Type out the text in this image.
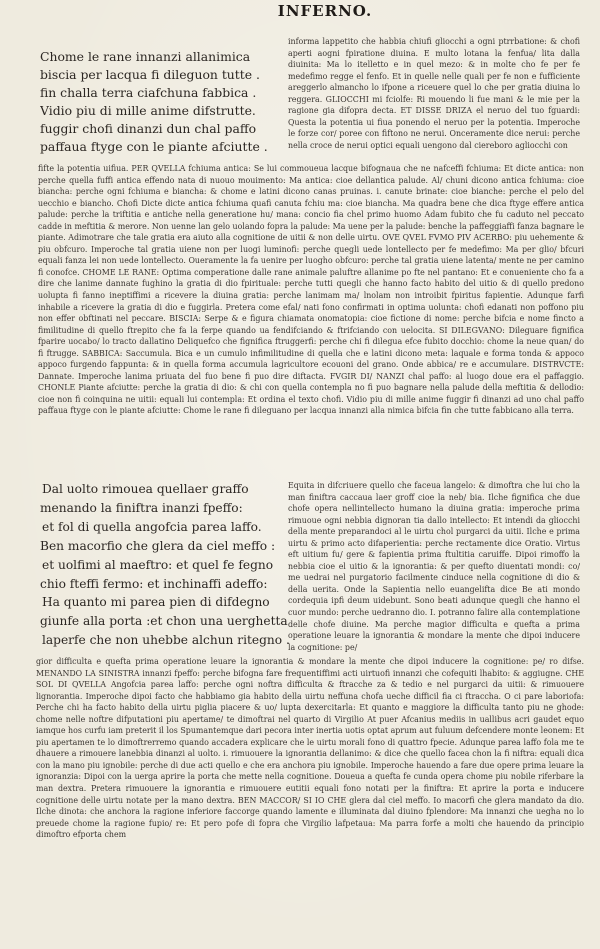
INFERNO.
Chome le rane innanzi allanimica
biscia per lacqua fi dileguon tutte .
fin challa terra ciafchuna fabbica .
Vidio piu di mille anime difstrutte.
fuggir chofi dinanzi dun chal paffo
paffaua ftyge con le piante afciutte .

informa lappetito che habbia chiufi gliocchi a ogni ptrrbatione: & chofi aperti aogni fpiratione diuina. E multo lotana la fenfua/ lita dalla diuinita: Ma lo itelletto e in quel mezo: & in molte cho fe per fe medefimo regge el fenfo. Et in quelle nelle quali per fe non e fufficiente areggerlo almancho lo ifpone a riceuere quel lo che per gratia diuina lo reggera. GLIOCCHI mi fciolfe: Ri mouendo li fue mani & le mie per la ragione gia difopra decta. ET DISSE DRIZA el neruo del tuo fguardi: Questa la potentia ui fiua ponendo el neruo per la potentia. Imperoche le forze cor/ poree con fiftono ne nerui. Onceramente dice nerui: perche nella croce de nerui optici equali uengono dal ciereboro agliocchi con

fifte la potentia uifiua. PER QVELLA fchiuma antica: Se lui commoueua lacque bifognaua che ne nafceffi fchiuma: Et dicte antica: non perche quella fuffi antica effendo nata di nuouo mouimento: Ma antica: cioe dellantica palude. Al/ chuni dicono antica fchiuma: cioe biancha: perche ogni fchiuma e biancha: & chome e latini dicono canas pruinas. i. canute brinate: cioe bianche: perche el pelo del uecchio e biancho. Chofi Dicte dicte antica fchiuma quafi canuta fchiu ma: cioe biancha. Ma quadra bene che dica ftyge effere antica palude: perche la triftitia e antiche nella generatione hu/ mana: concio fia chel primo huomo Adam fubito che fu caduto nel peccato cadde in meftitia & merore. Non uenne lan gelo uolando fopra la palude: Ma uene per la palude: benche la paffeggiaffi fanza bagnare le piante. Adimotrare che tale gratia era aiuto alla cognitione de uitii & non delle uirtu. OVE QVEL FVMO PIV ACERBO: piu uehemente & piu obfcuro. Imperoche tal gratia uiene non per luogi luminofi: perche quegli uede lontellecto per fe medefimo: Ma per glio/ bfcuri equali fanza lei non uede lontellecto. Oueramente la fa uenire per luogho obfcuro: perche tal gratia uiene latenta/ mente ne per camino fi conofce. CHOME LE RANE: Optima comperatione dalle rane animale paluftre allanime po fte nel pantano: Et e conueniente cho fa a dire che lanime dannate fughino la gratia di dio fpirituale: perche tutti quegli che hanno facto habito del uitio & di quello predono uolupta fi fanno ineptiffimi a ricevere la diuina gratia: perche lanimam ma/ lnolam non introibit fpiritus fapientie. Adunque farfi inhabile a ricevere la gratia di dio e fuggirla. Pretera come efal/ nati fono confirmati in optima uolunta: chofi edanati non poffono piu non effer obftinati nel peccare. BISCIA: Serpe & e figura chiamata onomatopia: cioe fictione di nome: perche bifcia e nome fincto a fimilitudine di quello ftrepito che fa la ferpe quando ua fendifciando & ftrifciando con uelocita. SI DILEGVANO: Dileguare fignifica fparire uocabo/ lo tracto dallatino Deliquefco che fignifica ftruggerfi: perche chi fi dilegua efce fubito docchio: chome la neue quan/ do fi ftrugge. SABBICA: Saccumula. Bica e un cumulo infimilitudine di quella che e latini dicono meta: laquale e forma tonda & appoco appoco furgendo fappunta: & in quella forma accumula lagricultore ecouoni del grano. Onde abbica/ re e accumulare. DISTRVCTE: Dannate. Imperoche lanima priuata del fuo bene fi puo dire diftacta. FVGIR DI/ NANZI chal paffo: al luogo doue era el paffaggio. CHONLE Piante afciutte: perche la gratia di dio: & chi con quella contempla no fi puo bagnare nella palude della meftitia & dellodio: cioe non fi coinquina ne uitii: equali lui contempla: Et ordina el texto chofi. Vidio piu di mille anime fuggir fi dinanzi ad uno chal paffo paffaua ftyge con le piante afciutte: Chome le rane fi dileguano per lacqua innanzi alla nimica bifcia fin che tutte fabbicano alla terra.

Dal uolto rimouea quellaer graffo
menando la finiftra inanzi fpeffo:
et fol di quella angofcia parea laffo.
Ben macorfio che glera da ciel meffo :
et uolfimi al maeftro: et quel fe fegno
chio fteffi fermo: et inchinaffi adeffo:
Ha quanto mi parea pien di difdegno
giunfe alla porta :et chon una uerghetta
laperfe che non uhebbe alchun ritegno .

Equita in difcriuere quello che faceua langelo: & dimoftra che lui cho la man finiftra caccaua laer groff cioe la neb/ bia. Ilche fignifica che due chofe opera nellintellecto humano la diuina gratia: imperoche prima rimuoue ogni nebbia dignoran tia dallo intellecto: Et intendi da gliocchi della mente preparandoci al le uirtu chol purgarci da uitii. Ilche e prima uirtu & primo acto difaperientia: perche rectamente dice Oratio. Virtus eft uitium fu/ gere & fapientia prima ftultitia caruiffe. Dipoi rimoffo la nebbia cioe el uitio & la ignorantia: & per quefto diuentati mondi: co/ me uedrai nel purgatorio facilmente cinduce nella cognitione di dio & della uerita. Onde la Sapientia nello euangelifta dice Be ati mondo cordequia ipfi deum uidebunt. Sono beati adunque quegli che hanno el cuor mundo: perche uedranno dio. I. potranno falire alla contemplatione delle chofe diuine. Ma perche magior difficulta e quefta a prima operatione leuare la ignorantia & mondare la mente che dipoi inducere la cognitione: pe/

gior difficulta e quefta prima operatione leuare la ignorantia & mondare la mente che dipoi inducere la cognitione: pe/ ro difse. MENANDO LA SINISTRA innanzi fpeffo: perche bifogna fare frequentiffimi acti uirtuofi innanzi che cofequiti lhabito: & aggiugne. CHE SOL DI QVELLA Angofcia parea laffo: perche ogni noftra difficulta & ftracche za & tedio e nel purgarci da uitii: & rimuouere lignorantia. Imperoche dipoi facto che habbiamo gia habito della uirtu neffuna chofa ueche difficil fia ci ftraccha. O ci pare laboriofa: Perche chi ha facto habito della uirtu piglia piacere & uo/ lupta dexercitarla: Et quanto e maggiore la difficulta tanto piu ne ghode: chome nelle noftre difputationi piu apertame/ te dimoftrai nel quarto di Virgilio At puer Afcanius mediis in uallibus acri gaudet equo iamque hos curfu iam preterit il los Spumantemque dari pecora inter inertia uotis optat aprum aut fuluum defcendere monte leonem: Et piu apertamen te lo dimoftrerremo quando accadera explicare che le uirtu morali fono di quattro fpecie. Adunque parea laffo fola me te dhauere a rimouere lanebbia dinanzi al uolto. i. rimuouere la ignorantia dellanimo: & dice che quello facea chon la fi niftra: equali dica con la mano piu ignobile: perche di due acti quello e che era anchora piu ignobile. Imperoche hauendo a fare due opere prima leuare la ignoranzia: Dipoi con la uerga aprire la porta che mette nella cognitione. Doueua a quefta fe cunda opera chome piu nobile riferbare la man dextra. Pretera rimuouere la ignorantia e rimuouere eutitii equali fono notati per la finiftra: Et aprire la porta e inducere cognitione delle uirtu notate per la mano dextra. BEN MACCOR/ SI IO CHE glera dal ciel meffo. Io macorfi che glera mandato da dio. Ilche dinota: che anchora la ragione inferiore faccorge quando lamente e illuminata dal diuino fplendore: Ma innanzi che uegha no lo preuede chome la ragione fupio/ re: Et pero pofe di fopra che Virgilio lafpetaua: Ma parra forfe a molti che hauendo da principio dimoftro efporta chem
